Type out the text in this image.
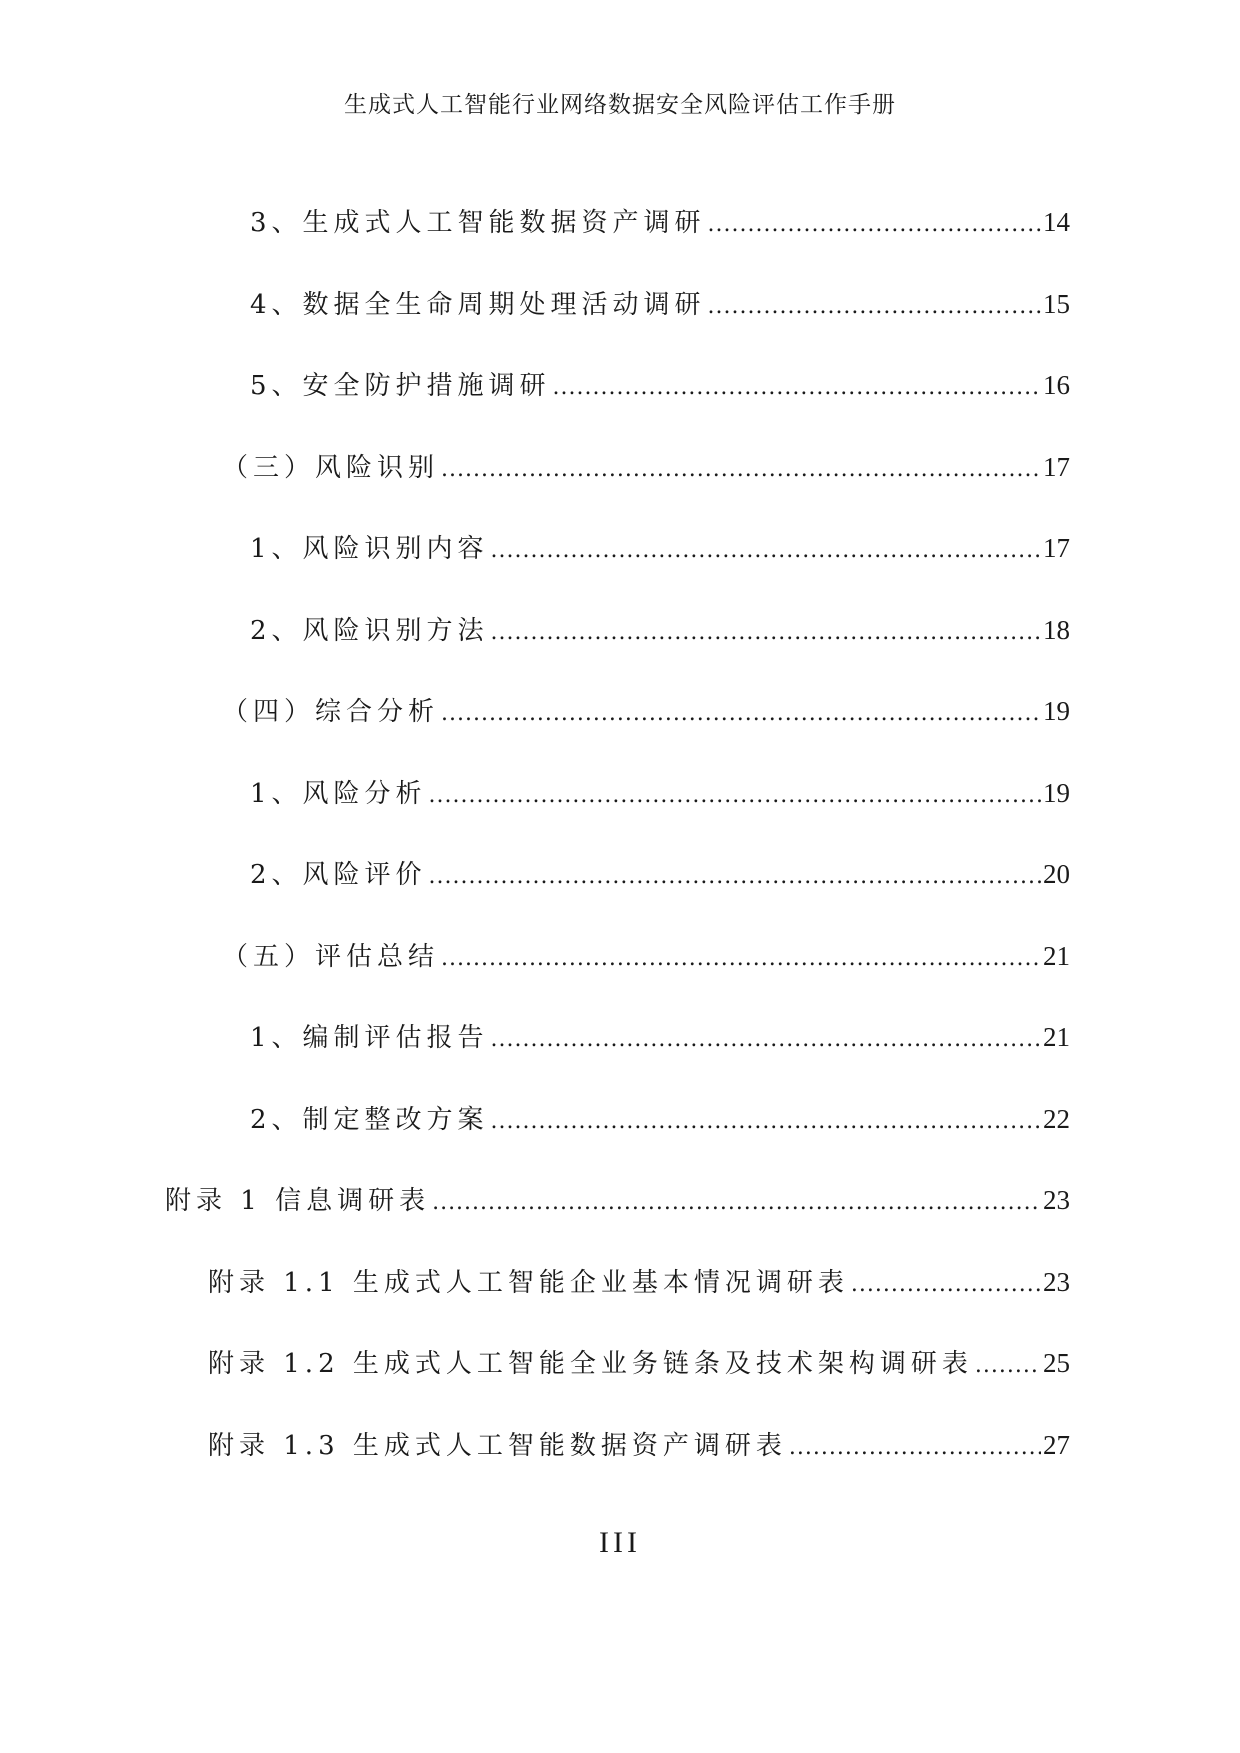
生成式人工智能行业网络数据安全风险评估工作手册
3、生成式人工智能数据资产调研 .....	14
4、数据全生命周期处理活动调研 .....	15
5、安全防护措施调研 .....	16
（三）风险识别 .....	17
1、风险识别内容 .....	17
2、风险识别方法 .....	18
（四）综合分析 .....	19
1、风险分析 .....	19
2、风险评价 .....	20
（五）评估总结 .....	21
1、编制评估报告 .....	21
2、制定整改方案 .....	22
附录 1 信息调研表 .....	23
附录 1.1 生成式人工智能企业基本情况调研表 .....	23
附录 1.2 生成式人工智能全业务链条及技术架构调研表 .....	25
附录 1.3 生成式人工智能数据资产调研表 .....	27
III
